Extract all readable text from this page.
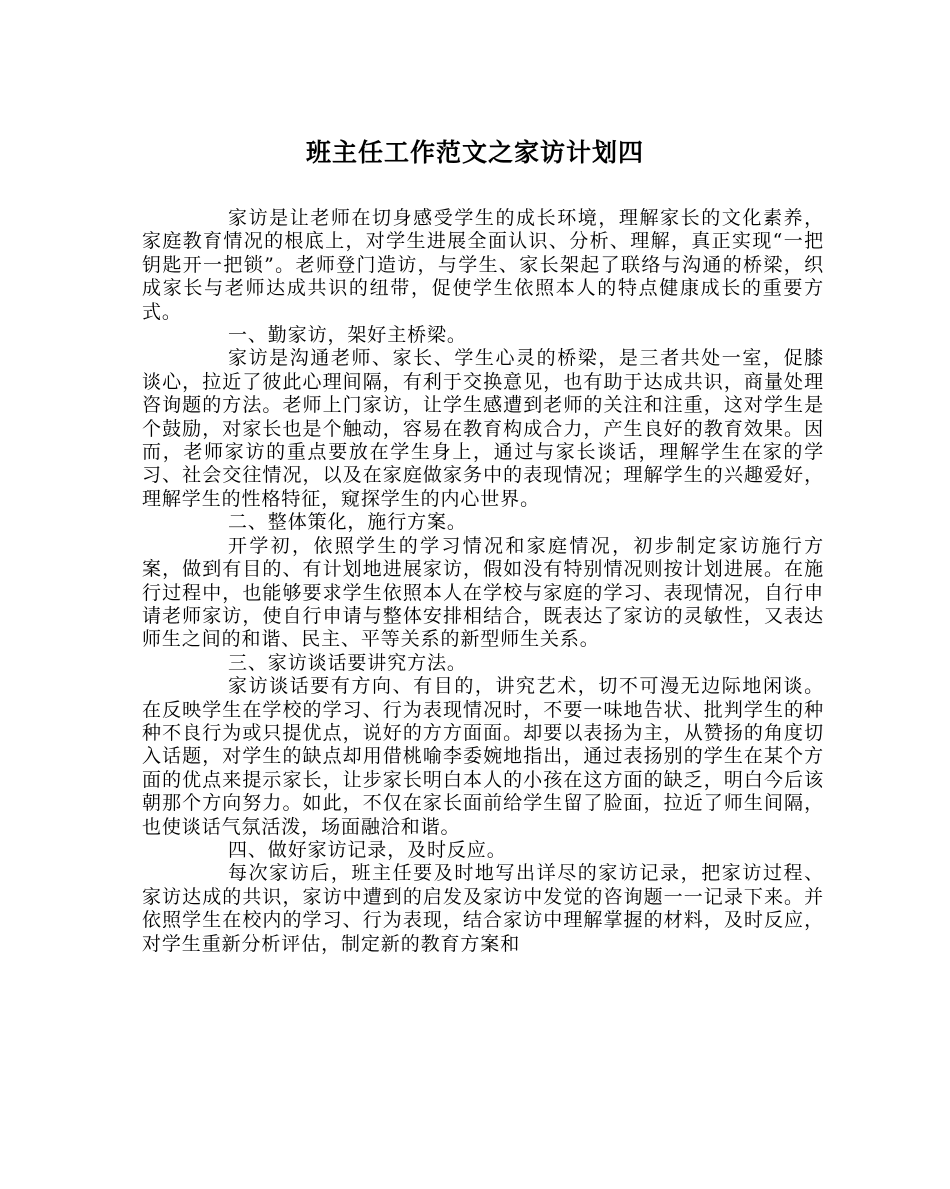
班主任工作范文之家访计划四

家访是让老师在切身感受学生的成长环境，理解家长的文化素养，家庭教育情况的根底上，对学生进展全面认识、分析、理解，真正实现“一把钥匙开一把锁”。老师登门造访，与学生、家长架起了联络与沟通的桥梁，织成家长与老师达成共识的纽带，促使学生依照本人的特点健康成长的重要方式。

一、勤家访，架好主桥梁。

家访是沟通老师、家长、学生心灵的桥梁，是三者共处一室，促膝谈心，拉近了彼此心理间隔，有利于交换意见，也有助于达成共识，商量处理咨询题的方法。老师上门家访，让学生感遭到老师的关注和注重，这对学生是个鼓励，对家长也是个触动，容易在教育构成合力，产生良好的教育效果。因而，老师家访的重点要放在学生身上，通过与家长谈话，理解学生在家的学习、社会交往情况，以及在家庭做家务中的表现情况；理解学生的兴趣爱好，理解学生的性格特征，窥探学生的内心世界。

二、整体策化，施行方案。

开学初，依照学生的学习情况和家庭情况，初步制定家访施行方案，做到有目的、有计划地进展家访，假如没有特别情况则按计划进展。在施行过程中，也能够要求学生依照本人在学校与家庭的学习、表现情况，自行申请老师家访，使自行申请与整体安排相结合，既表达了家访的灵敏性，又表达师生之间的和谐、民主、平等关系的新型师生关系。

三、家访谈话要讲究方法。

家访谈话要有方向、有目的，讲究艺术，切不可漫无边际地闲谈。在反映学生在学校的学习、行为表现情况时，不要一味地告状、批判学生的种种不良行为或只提优点，说好的方方面面。却要以表扬为主，从赞扬的角度切入话题，对学生的缺点却用借桃喻李委婉地指出，通过表扬别的学生在某个方面的优点来提示家长，让步家长明白本人的小孩在这方面的缺乏，明白今后该朝那个方向努力。如此，不仅在家长面前给学生留了脸面，拉近了师生间隔，也使谈话气氛活泼，场面融洽和谐。

四、做好家访记录，及时反应。

每次家访后，班主任要及时地写出详尽的家访记录，把家访过程、家访达成的共识，家访中遭到的启发及家访中发觉的咨询题一一记录下来。并依照学生在校内的学习、行为表现，结合家访中理解掌握的材料，及时反应，对学生重新分析评估，制定新的教育方案和
